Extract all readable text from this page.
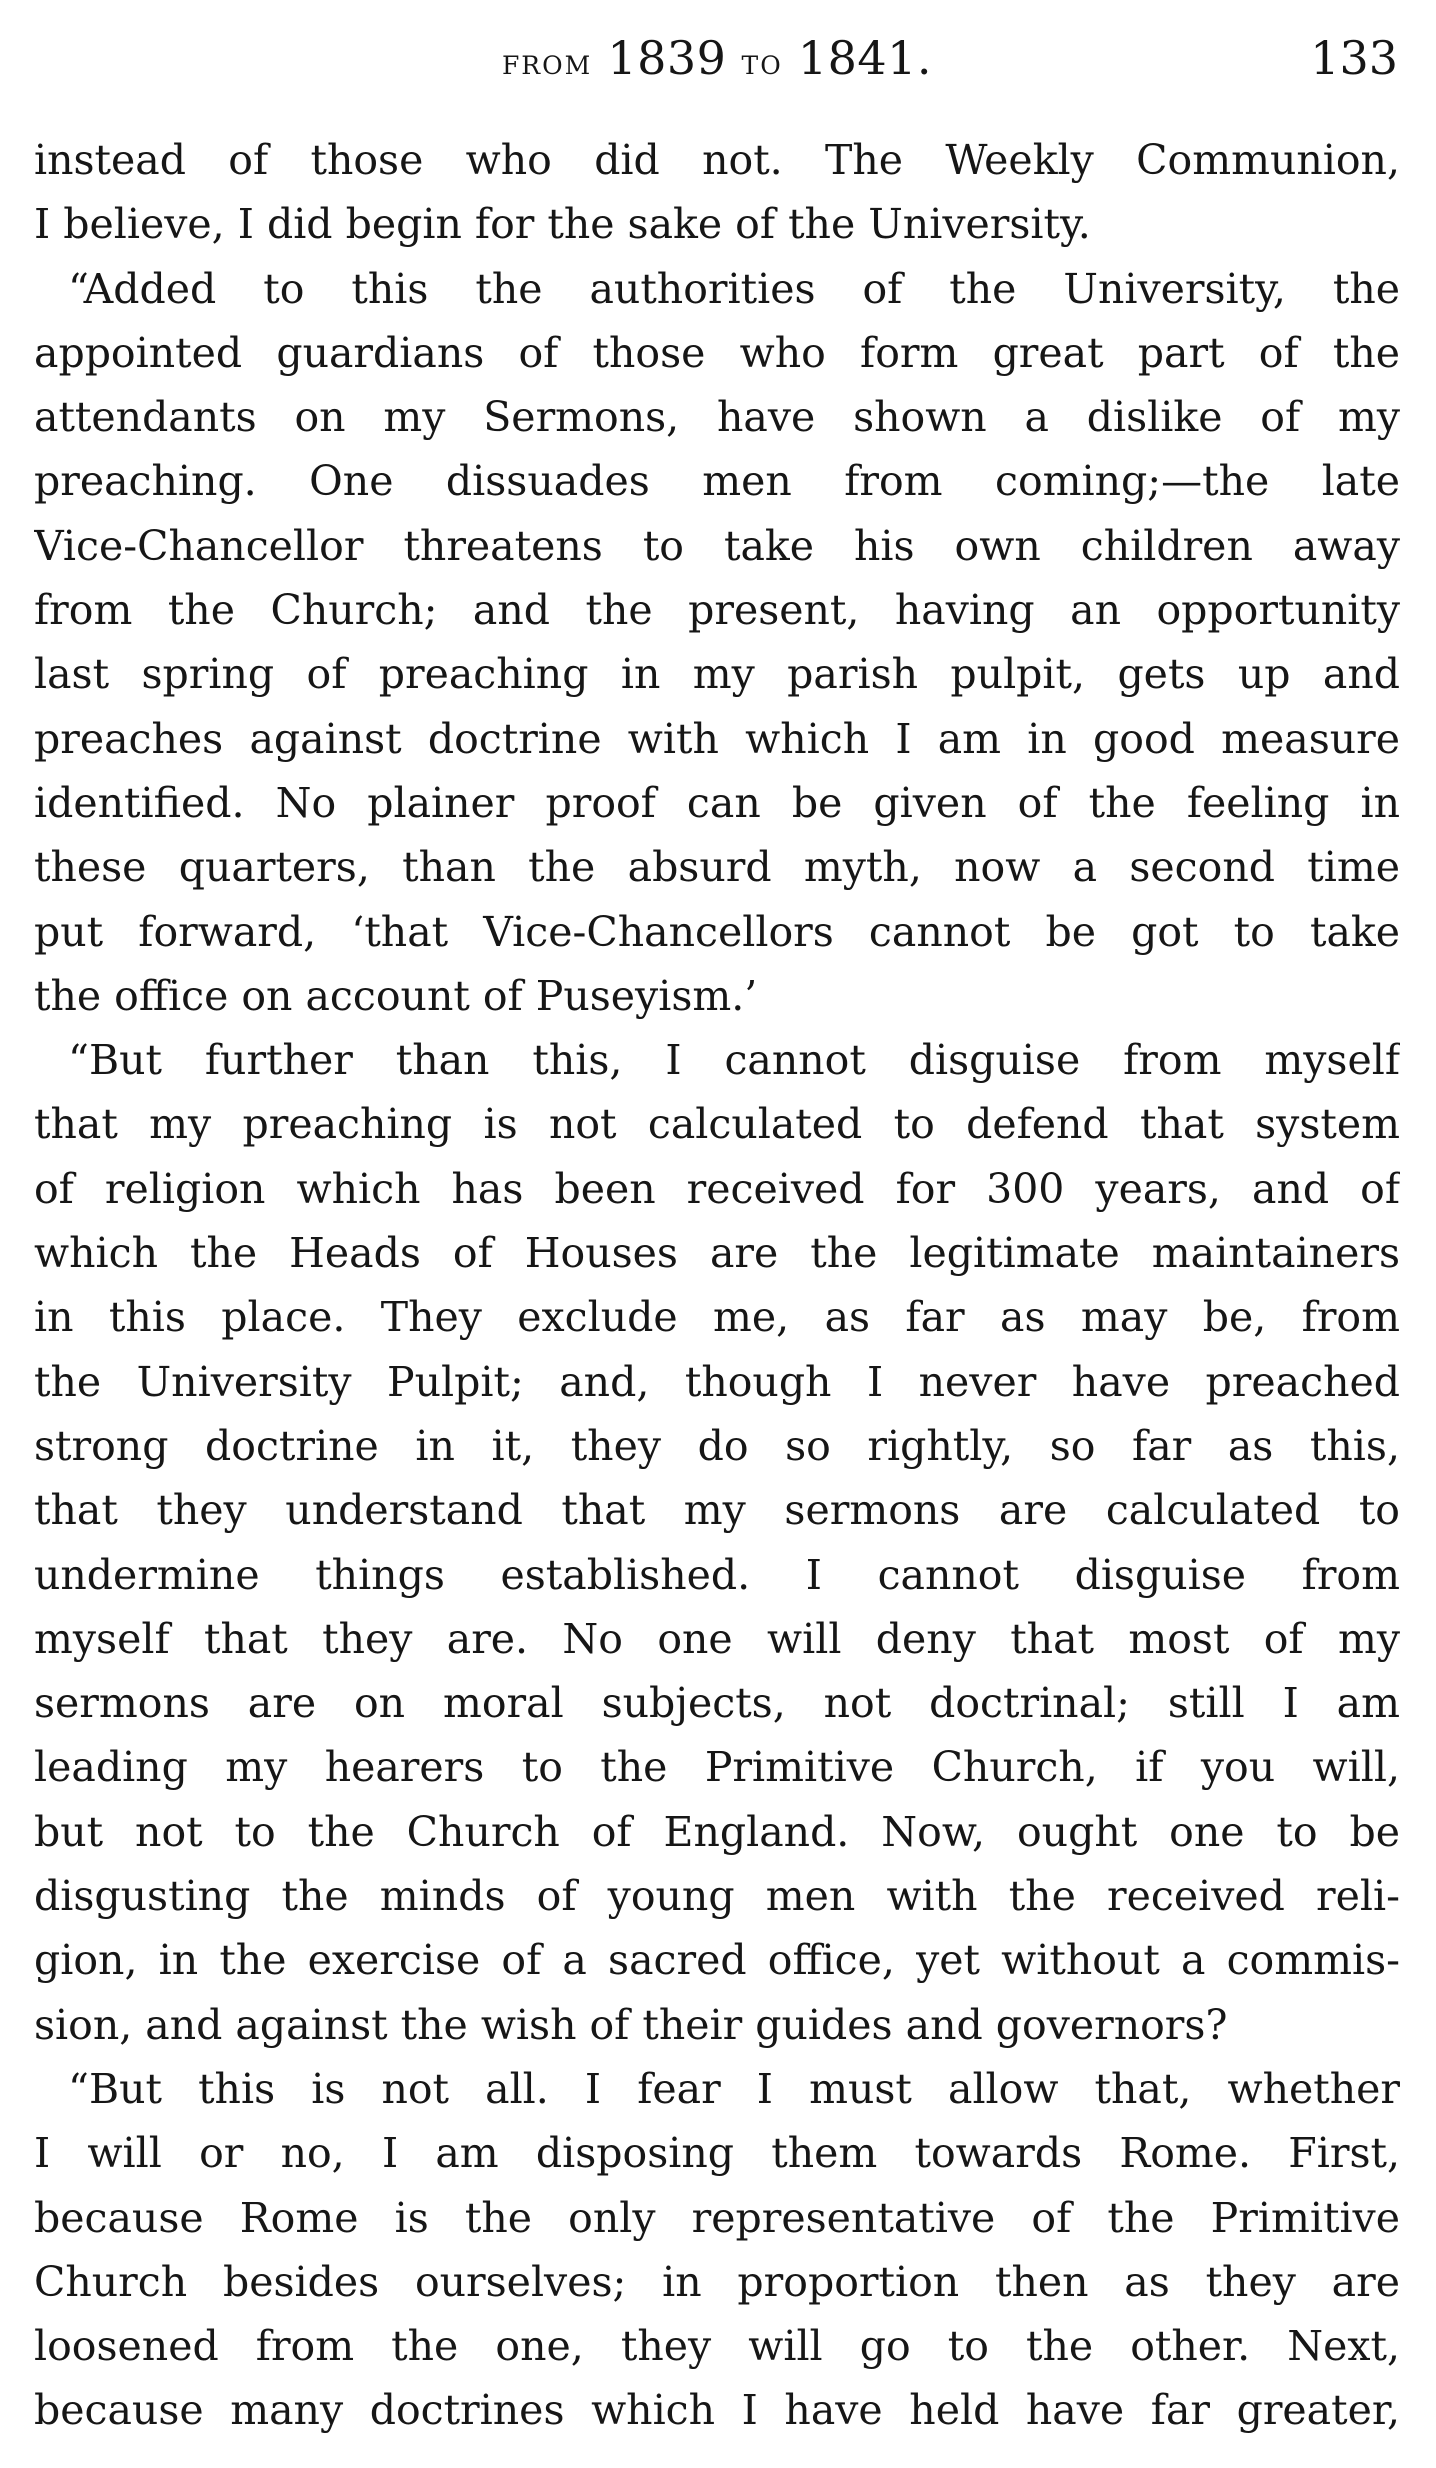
from 1839 to 1841.	133
instead of those who did not. The Weekly Communion,
I believe, I did begin for the sake of the University.
“Added to this the authorities of the University, the
appointed guardians of those who form great part of the
attendants on my Sermons, have shown a dislike of my
preaching. One dissuades men from coming;—the late
Vice-Chancellor threatens to take his own children away
from the Church; and the present, having an opportunity
last spring of preaching in my parish pulpit, gets up and
preaches against doctrine with which I am in good measure
identified. No plainer proof can be given of the feeling in
these quarters, than the absurd myth, now a second time
put forward, ‘that Vice-Chancellors cannot be got to take
the office on account of Puseyism.’
“But further than this, I cannot disguise from myself
that my preaching is not calculated to defend that system
of religion which has been received for 300 years, and of
which the Heads of Houses are the legitimate maintainers
in this place. They exclude me, as far as may be, from
the University Pulpit; and, though I never have preached
strong doctrine in it, they do so rightly, so far as this,
that they understand that my sermons are calculated to
undermine things established. I cannot disguise from
myself that they are. No one will deny that most of my
sermons are on moral subjects, not doctrinal; still I am
leading my hearers to the Primitive Church, if you will,
but not to the Church of England. Now, ought one to be
disgusting the minds of young men with the received reli-
gion, in the exercise of a sacred office, yet without a commis-
sion, and against the wish of their guides and governors?
“But this is not all. I fear I must allow that, whether
I will or no, I am disposing them towards Rome. First,
because Rome is the only representative of the Primitive
Church besides ourselves; in proportion then as they are
loosened from the one, they will go to the other. Next,
because many doctrines which I have held have far greater,
